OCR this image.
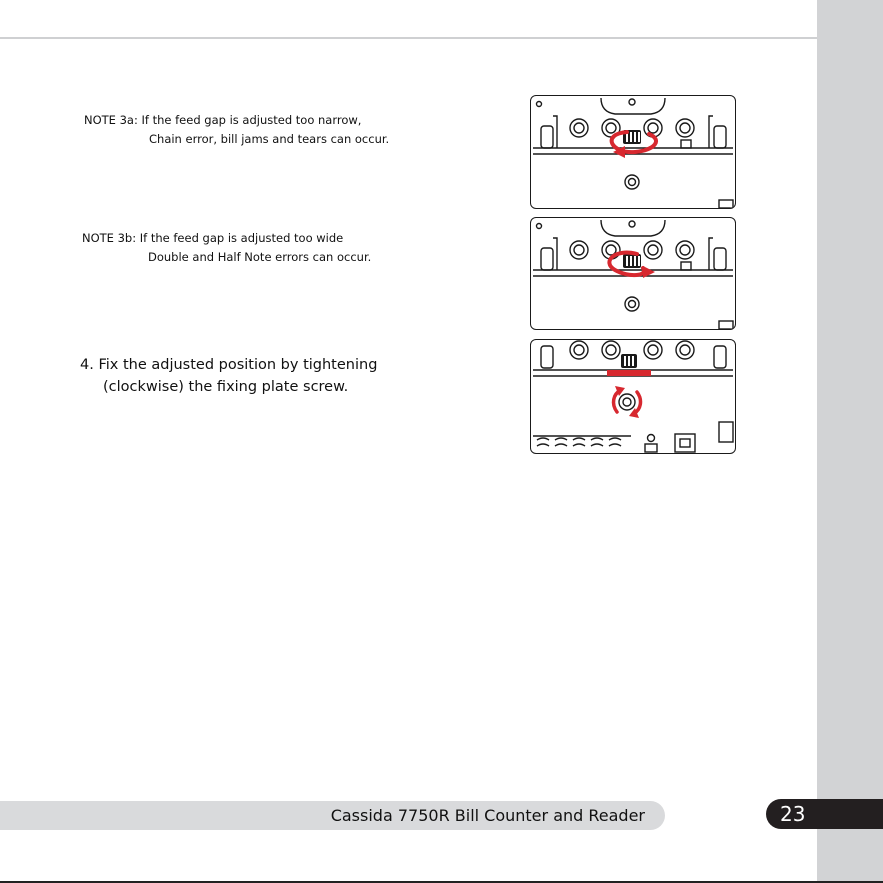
NOTE 3a: If the feed gap is adjusted too narrow,
Chain error, bill jams and tears can occur.
NOTE 3b: If the feed gap is adjusted too wide
Double and Half Note errors can occur.
4. Fix the adjusted position by tightening
(clockwise) the fixing plate screw.
Cassida 7750R Bill Counter and Reader	23
